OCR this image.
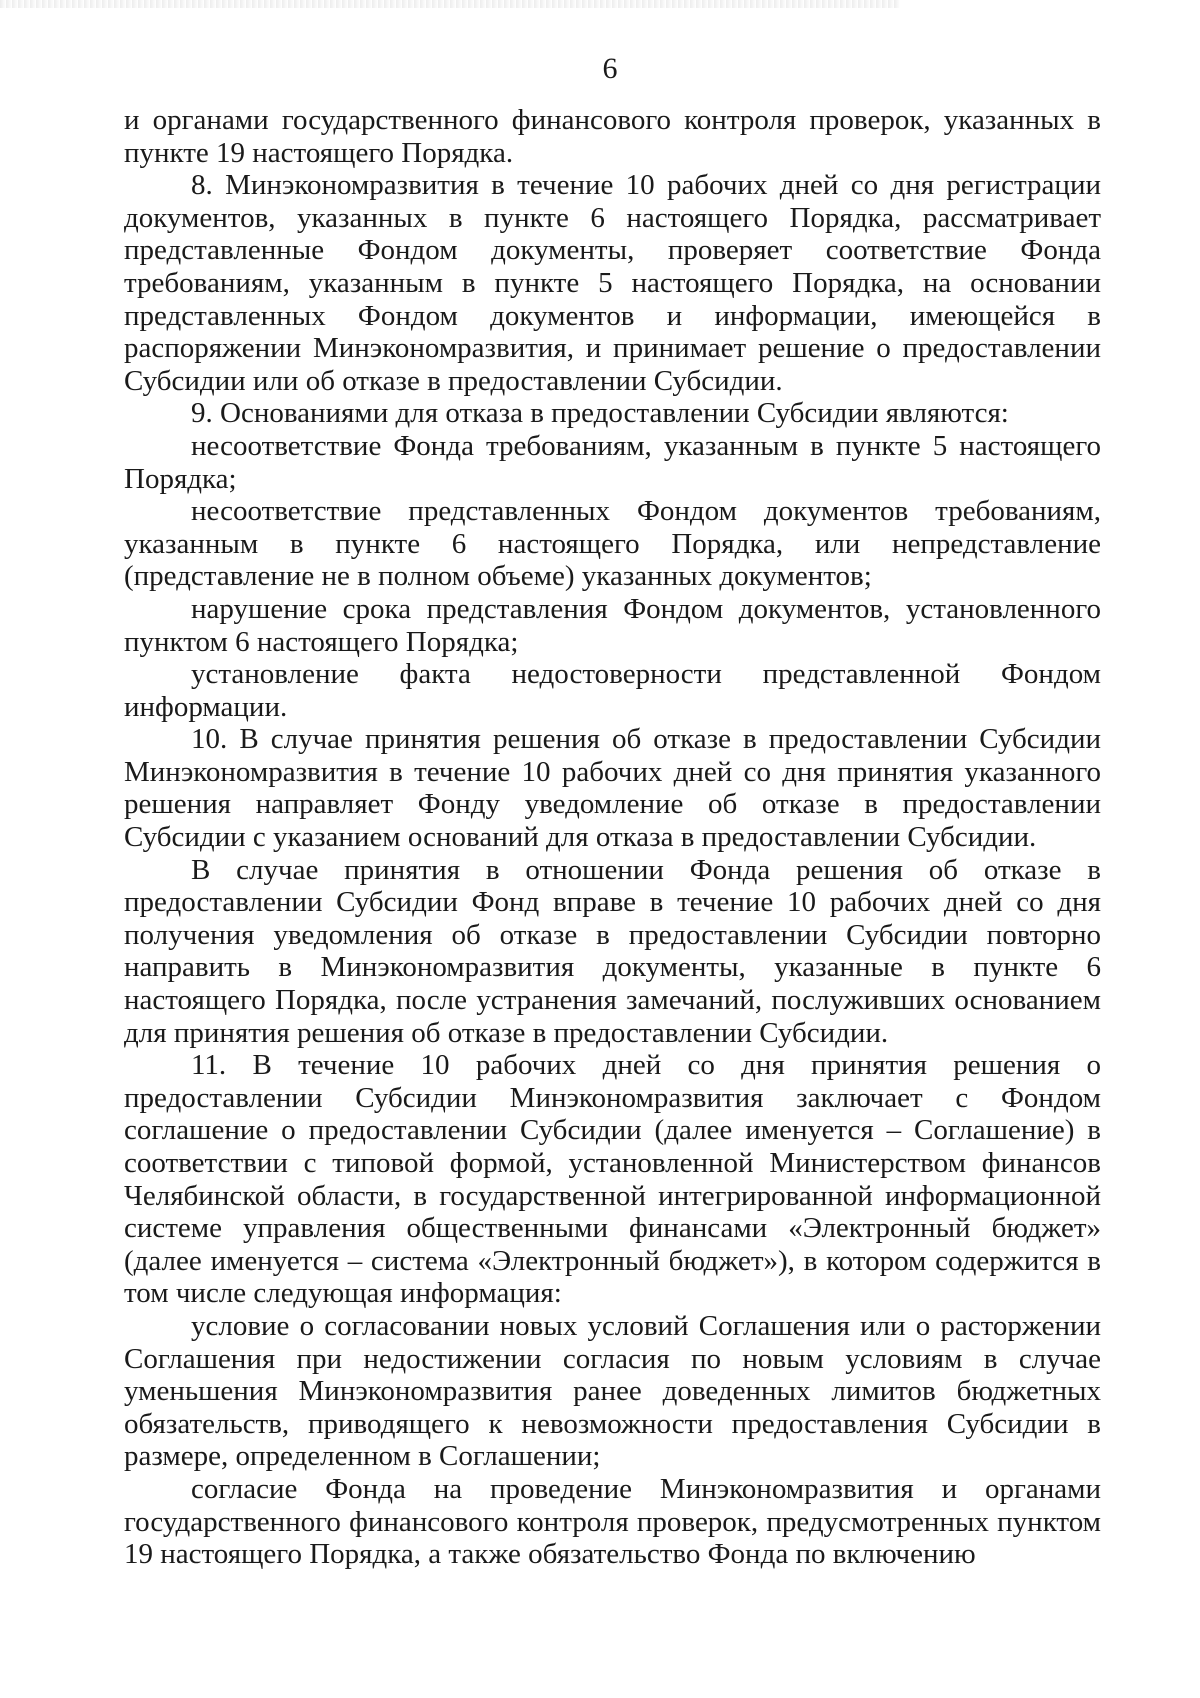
6

и органами государственного финансового контроля проверок, указанных в пункте 19 настоящего Порядка.

8. Минэкономразвития в течение 10 рабочих дней со дня регистрации документов, указанных в пункте 6 настоящего Порядка, рассматривает представленные Фондом документы, проверяет соответствие Фонда требованиям, указанным в пункте 5 настоящего Порядка, на основании представленных Фондом документов и информации, имеющейся в распоряжении Минэкономразвития, и принимает решение о предоставлении Субсидии или об отказе в предоставлении Субсидии.

9. Основаниями для отказа в предоставлении Субсидии являются:

несоответствие Фонда требованиям, указанным в пункте 5 настоящего Порядка;

несоответствие представленных Фондом документов требованиям, указанным в пункте 6 настоящего Порядка, или непредставление (представление не в полном объеме) указанных документов;

нарушение срока представления Фондом документов, установленного пунктом 6 настоящего Порядка;

установление факта недостоверности представленной Фондом информации.

10. В случае принятия решения об отказе в предоставлении Субсидии Минэкономразвития в течение 10 рабочих дней со дня принятия указанного решения направляет Фонду уведомление об отказе в предоставлении Субсидии с указанием оснований для отказа в предоставлении Субсидии.

В случае принятия в отношении Фонда решения об отказе в предоставлении Субсидии Фонд вправе в течение 10 рабочих дней со дня получения уведомления об отказе в предоставлении Субсидии повторно направить в Минэкономразвития документы, указанные в пункте 6 настоящего Порядка, после устранения замечаний, послуживших основанием для принятия решения об отказе в предоставлении Субсидии.

11. В течение 10 рабочих дней со дня принятия решения о предоставлении Субсидии Минэкономразвития заключает с Фондом соглашение о предоставлении Субсидии (далее именуется – Соглашение) в соответствии с типовой формой, установленной Министерством финансов Челябинской области, в государственной интегрированной информационной системе управления общественными финансами «Электронный бюджет» (далее именуется – система «Электронный бюджет»), в котором содержится в том числе следующая информация:

условие о согласовании новых условий Соглашения или о расторжении Соглашения при недостижении согласия по новым условиям в случае уменьшения Минэкономразвития ранее доведенных лимитов бюджетных обязательств, приводящего к невозможности предоставления Субсидии в размере, определенном в Соглашении;

согласие Фонда на проведение Минэкономразвития и органами государственного финансового контроля проверок, предусмотренных пунктом 19 настоящего Порядка, а также обязательство Фонда по включению
